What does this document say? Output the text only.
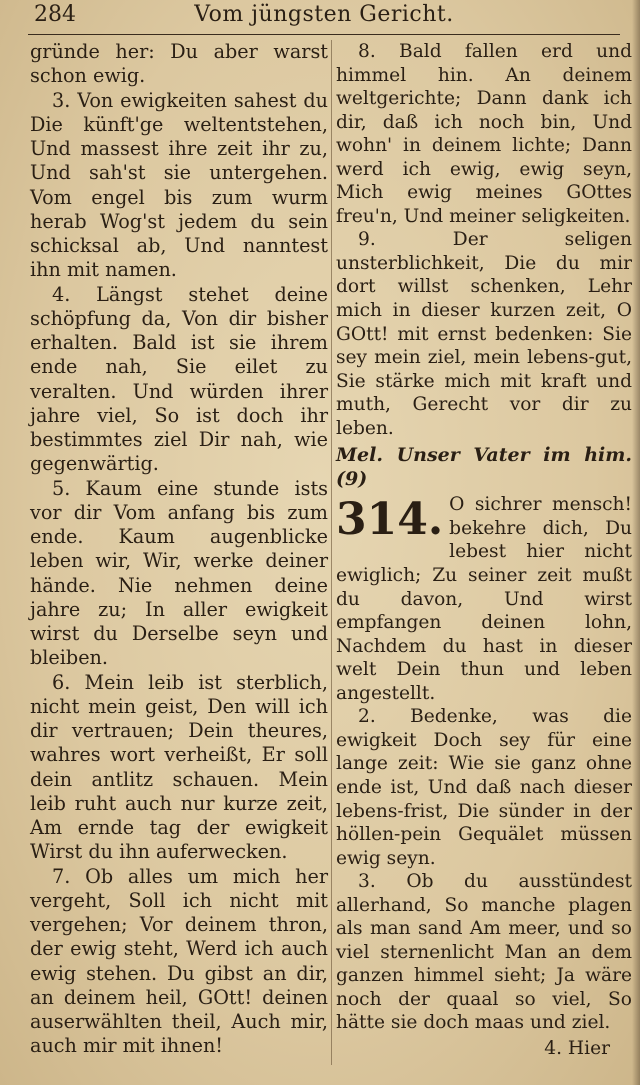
284	Vom jüngsten Gericht.

gründe her: Du aber warst schon ewig.

3. Von ewigkeiten sahest du Die künft'ge weltentstehen, Und massest ihre zeit ihr zu, Und sah'st sie untergehen. Vom engel bis zum wurm herab Wog'st jedem du sein schicksal ab, Und nanntest ihn mit namen.

4. Längst stehet deine schöpfung da, Von dir bisher erhalten. Bald ist sie ihrem ende nah, Sie eilet zu veralten. Und würden ihrer jahre viel, So ist doch ihr bestimmtes ziel Dir nah, wie gegenwärtig.

5. Kaum eine stunde ists vor dir Vom anfang bis zum ende. Kaum augenblicke leben wir, Wir, werke deiner hände. Nie nehmen deine jahre zu; In aller ewigkeit wirst du Derselbe seyn und bleiben.

6. Mein leib ist sterblich, nicht mein geist, Den will ich dir vertrauen; Dein theures, wahres wort verheißt, Er soll dein antlitz schauen. Mein leib ruht auch nur kurze zeit, Am ernde tag der ewigkeit Wirst du ihn auferwecken.

7. Ob alles um mich her vergeht, Soll ich nicht mit vergehen; Vor deinem thron, der ewig steht, Werd ich auch ewig stehen. Du gibst an dir, an deinem heil, GOtt! deinen auserwählten theil, Auch mir, auch mir mit ihnen!

8. Bald fallen erd und himmel hin. An deinem weltgerichte; Dann dank ich dir, daß ich noch bin, Und wohn' in deinem lichte; Dann werd ich ewig, ewig seyn, Mich ewig meines GOttes freu'n, Und meiner seligkeiten.

9. Der seligen unsterblichkeit, Die du mir dort willst schenken, Lehr mich in dieser kurzen zeit, O GOtt! mit ernst bedenken: Sie sey mein ziel, mein lebens-gut, Sie stärke mich mit kraft und muth, Gerecht vor dir zu leben.

Mel. Unser Vater im him. (9)

314. O sichrer mensch! bekehre dich, Du lebest hier nicht ewiglich; Zu seiner zeit mußt du davon, Und wirst empfangen deinen lohn, Nachdem du hast in dieser welt Dein thun und leben angestellt.

2. Bedenke, was die ewigkeit Doch sey für eine lange zeit: Wie sie ganz ohne ende ist, Und daß nach dieser lebens-frist, Die sünder in der höllen-pein Gequälet müssen ewig seyn.

3. Ob du ausstündest allerhand, So manche plagen als man sand Am meer, und so viel sternenlicht Man an dem ganzen himmel sieht; Ja wäre noch der quaal so viel, So hätte sie doch maas und ziel.

4. Hier
